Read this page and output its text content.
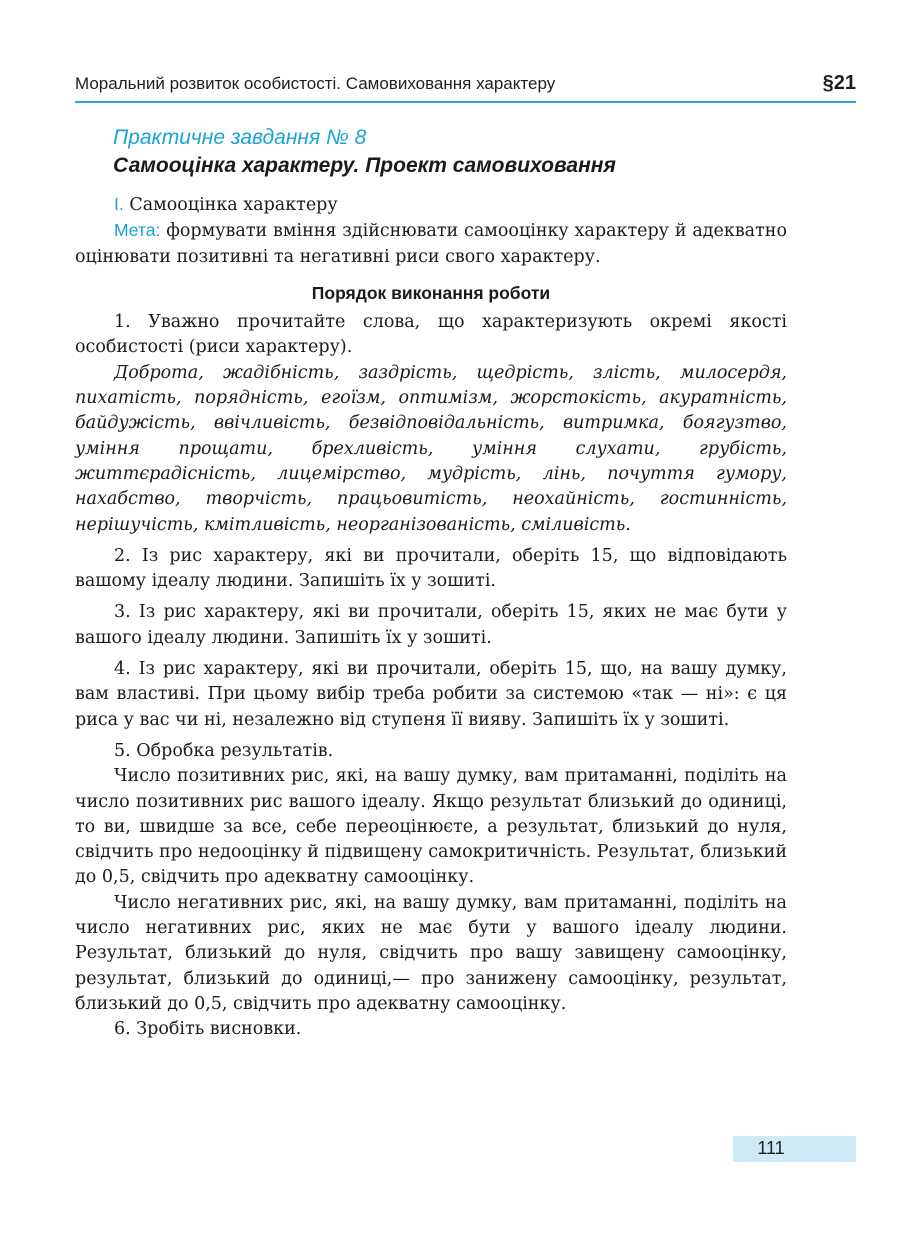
Моральний розвиток особистості. Самовиховання характеру	§21
Практичне завдання № 8
Самооцінка характеру. Проект самовиховання

I. Самооцінка характеру

Мета: формувати вміння здійснювати самооцінку характеру й адекватно оцінювати позитивні та негативні риси свого характеру.

Порядок виконання роботи

1. Уважно прочитайте слова, що характеризують окремі якості особистості (риси характеру).

Доброта, жадібність, заздрість, щедрість, злість, милосердя, пихатість, порядність, егоїзм, оптимізм, жорстокість, акуратність, байдужість, ввічливість, безвідповідальність, витримка, боягузтво, уміння прощати, брехливість, уміння слухати, грубість, життєрадісність, лицемірство, мудрість, лінь, почуття гумору, нахабство, творчість, працьовитість, неохайність, гостинність, нерішучість, кмітливість, неорганізованість, сміливість.

2. Із рис характеру, які ви прочитали, оберіть 15, що відповідають вашому ідеалу людини. Запишіть їх у зошиті.

3. Із рис характеру, які ви прочитали, оберіть 15, яких не має бути у вашого ідеалу людини. Запишіть їх у зошиті.

4. Із рис характеру, які ви прочитали, оберіть 15, що, на вашу думку, вам властиві. При цьому вибір треба робити за системою «так — ні»: є ця риса у вас чи ні, незалежно від ступеня її вияву. Запишіть їх у зошиті.

5. Обробка результатів.

Число позитивних рис, які, на вашу думку, вам притаманні, поділіть на число позитивних рис вашого ідеалу. Якщо результат близький до одиниці, то ви, швидше за все, себе переоцінюєте, а результат, близький до нуля, свідчить про недооцінку й підвищену самокритичність. Результат, близький до 0,5, свідчить про адекватну самооцінку.

Число негативних рис, які, на вашу думку, вам притаманні, поділіть на число негативних рис, яких не має бути у вашого ідеалу людини. Результат, близький до нуля, свідчить про вашу завищену самооцінку, результат, близький до одиниці,— про занижену самооцінку, результат, близький до 0,5, свідчить про адекватну самооцінку.

6. Зробіть висновки.

111
